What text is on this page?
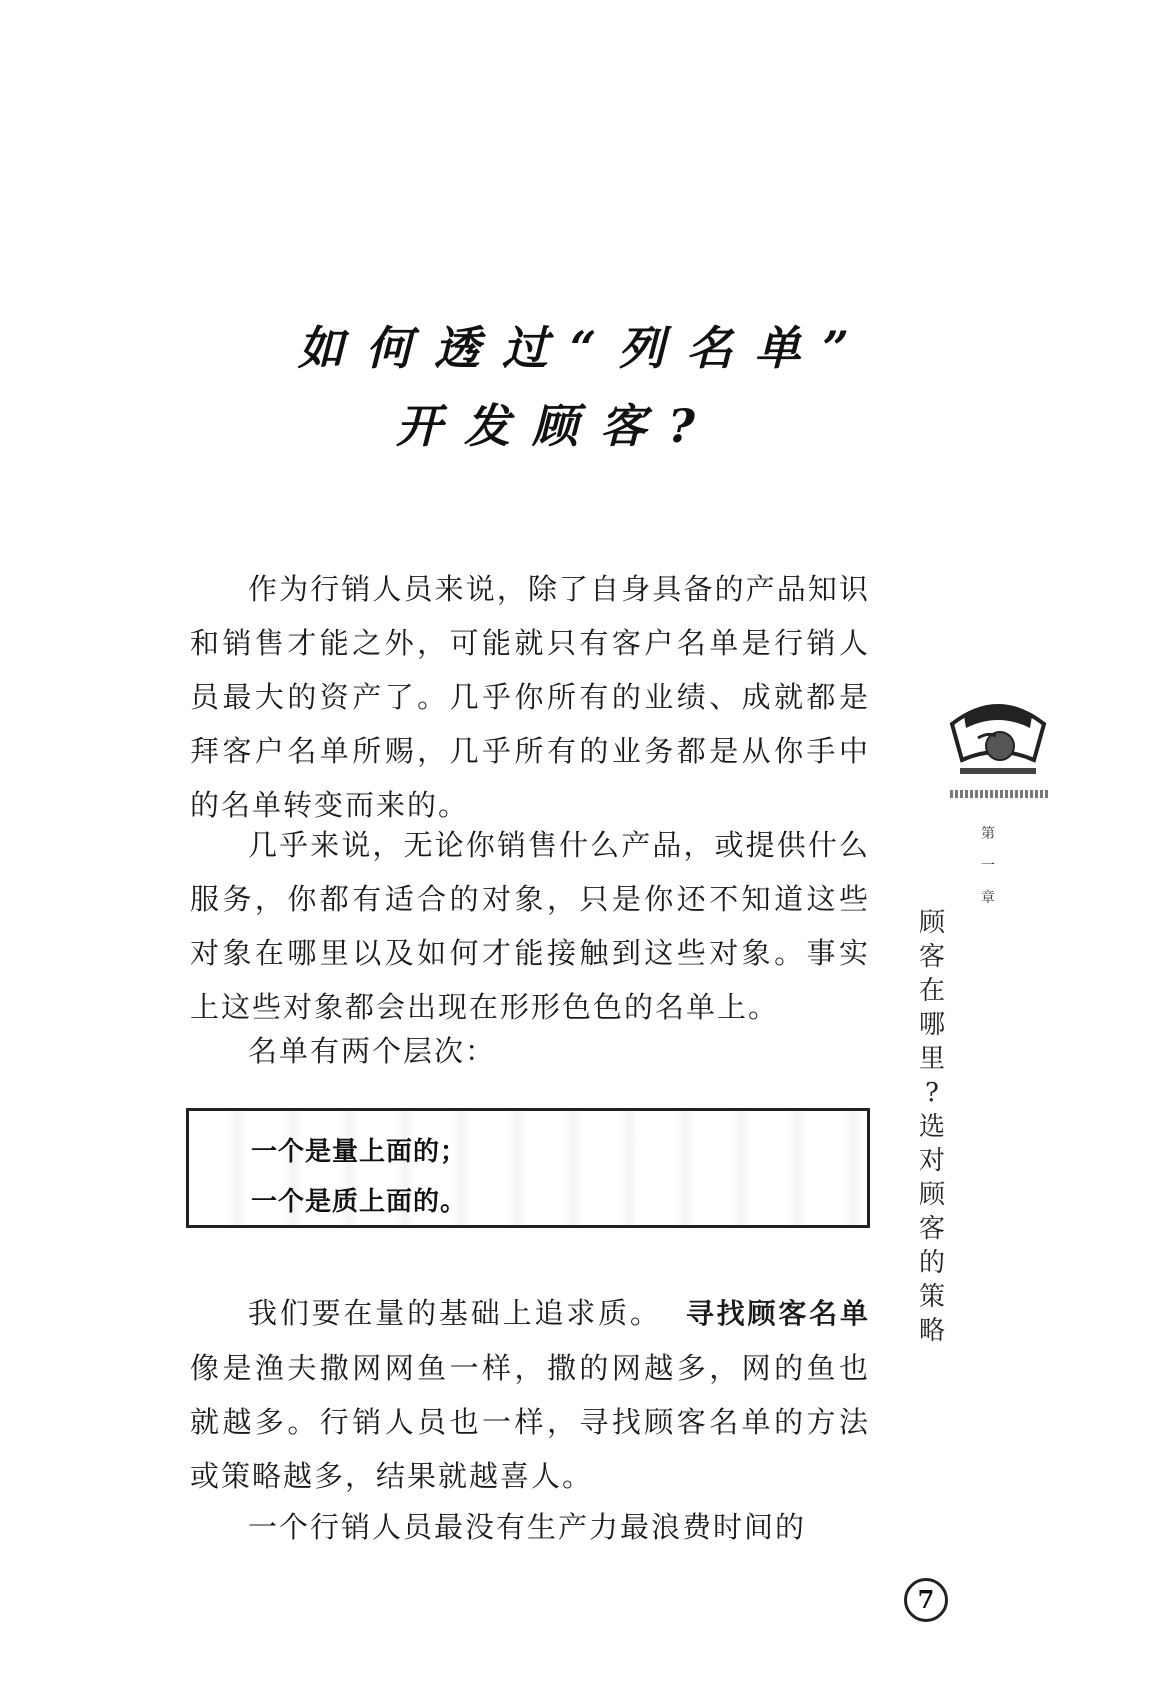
如何透过“列名单”
开发顾客?

作为行销人员来说，除了自身具备的产品知识和销售才能之外，可能就只有客户名单是行销人员最大的资产了。几乎你所有的业绩、成就都是拜客户名单所赐，几乎所有的业务都是从你手中的名单转变而来的。

几乎来说，无论你销售什么产品，或提供什么服务，你都有适合的对象，只是你还不知道这些对象在哪里以及如何才能接触到这些对象。事实上这些对象都会出现在形形色色的名单上。

名单有两个层次：

一个是量上面的；
一个是质上面的。

我们要在量的基础上追求质。 寻找顾客名单像是渔夫撒网网鱼一样，撒的网越多，网的鱼也就越多。行销人员也一样，寻找顾客名单的方法或策略越多，结果就越喜人。

一个行销人员最没有生产力最浪费时间的

第
一
章
顾
客
在
哪
里
?
选
对
顾
客
的
策
略
7
